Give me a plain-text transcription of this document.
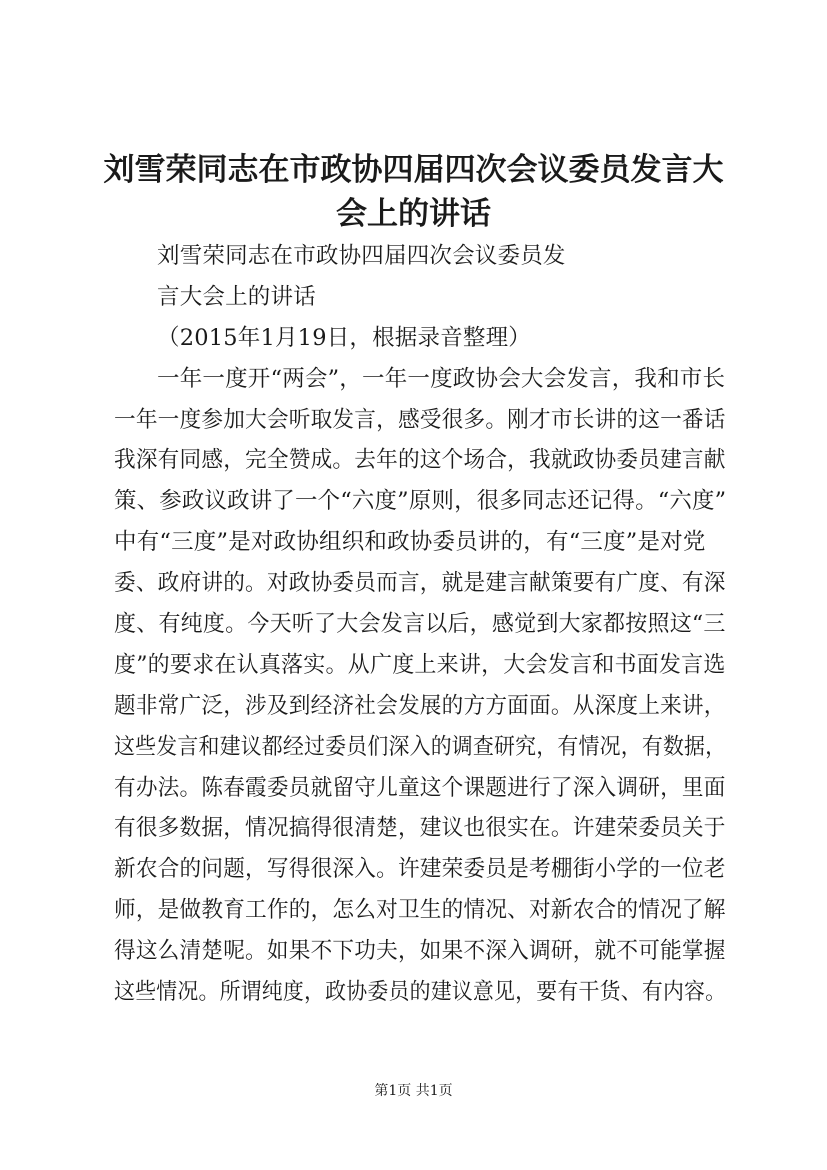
刘雪荣同志在市政协四届四次会议委员发言大
会上的讲话
刘雪荣同志在市政协四届四次会议委员发
言大会上的讲话
（2015年1月19日，根据录音整理）
一年一度开“两会”，一年一度政协会大会发言，我和市长
一年一度参加大会听取发言，感受很多。刚才市长讲的这一番话
我深有同感，完全赞成。去年的这个场合，我就政协委员建言献
策、参政议政讲了一个“六度”原则，很多同志还记得。“六度”
中有“三度”是对政协组织和政协委员讲的，有“三度”是对党
委、政府讲的。对政协委员而言，就是建言献策要有广度、有深
度、有纯度。今天听了大会发言以后，感觉到大家都按照这“三
度”的要求在认真落实。从广度上来讲，大会发言和书面发言选
题非常广泛，涉及到经济社会发展的方方面面。从深度上来讲，
这些发言和建议都经过委员们深入的调查研究，有情况，有数据，
有办法。陈春霞委员就留守儿童这个课题进行了深入调研，里面
有很多数据，情况搞得很清楚，建议也很实在。许建荣委员关于
新农合的问题，写得很深入。许建荣委员是考棚街小学的一位老
师，是做教育工作的，怎么对卫生的情况、对新农合的情况了解
得这么清楚呢。如果不下功夫，如果不深入调研，就不可能掌握
这些情况。所谓纯度，政协委员的建议意见，要有干货、有内容。
第1页 共1页
